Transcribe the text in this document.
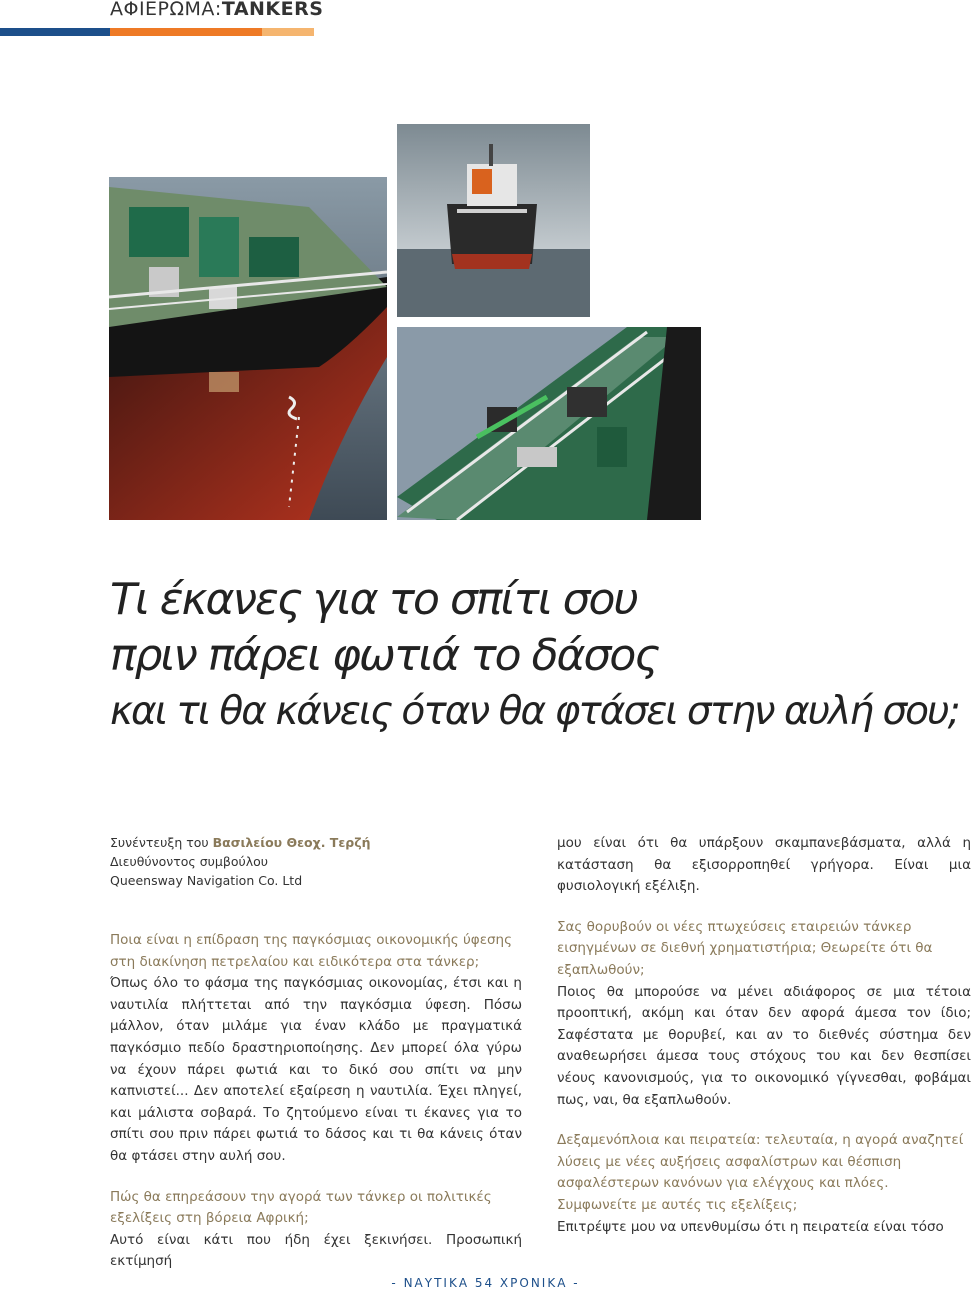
ΑΦΙΕΡΩΜΑ:TANKERS
Τι έκανες για το σπίτι σου
πριν πάρει φωτιά το δάσος
και τι θα κάνεις όταν θα φτάσει στην αυλή σου;
Συνέντευξη του Βασιλείου Θεοχ. Τερζή
Διευθύνοντος συμβούλου
Queensway Navigation Co. Ltd

Ποια είναι η επίδραση της παγκόσμιας οικονομικής ύφεσης στη διακίνηση πετρελαίου και ειδικότερα στα τάνκερ;

Όπως όλο το φάσμα της παγκόσμιας οικονομίας, έτσι και η ναυτιλία πλήττεται από την παγκόσμια ύφεση. Πόσω μάλλον, όταν μιλάμε για έναν κλάδο με πραγματικά παγκόσμιο πεδίο δραστηριοποίησης. Δεν μπορεί όλα γύρω να έχουν πάρει φωτιά και το δικό σου σπίτι να μην καπνιστεί... Δεν αποτελεί εξαίρεση η ναυτιλία. Έχει πληγεί, και μάλιστα σοβαρά. Το ζητούμενο είναι τι έκανες για το σπίτι σου πριν πάρει φωτιά το δάσος και τι θα κάνεις όταν θα φτάσει στην αυλή σου.

Πώς θα επηρεάσουν την αγορά των τάνκερ οι πολιτικές εξελίξεις στη βόρεια Αφρική;

Αυτό είναι κάτι που ήδη έχει ξεκινήσει. Προσωπική εκτίμησή

μου είναι ότι θα υπάρξουν σκαμπανεβάσματα, αλλά η κατάσταση θα εξισορροπηθεί γρήγορα. Είναι μια φυσιολογική εξέλιξη.

Σας θορυβούν οι νέες πτωχεύσεις εταιρειών τάνκερ εισηγμένων σε διεθνή χρηματιστήρια; Θεωρείτε ότι θα εξαπλωθούν;

Ποιος θα μπορούσε να μένει αδιάφορος σε μια τέτοια προοπτική, ακόμη και όταν δεν αφορά άμεσα τον ίδιο; Σαφέστατα με θορυβεί, και αν το διεθνές σύστημα δεν αναθεωρήσει άμεσα τους στόχους του και δεν θεσπίσει νέους κανονισμούς, για το οικονομικό γίγνεσθαι, φοβάμαι πως, ναι, θα εξαπλωθούν.

Δεξαμενόπλοια και πειρατεία: τελευταία, η αγορά αναζητεί λύσεις με νέες αυξήσεις ασφαλίστρων και θέσπιση ασφαλέστερων κανόνων για ελέγχους και πλόες. Συμφωνείτε με αυτές τις εξελίξεις;

Επιτρέψτε μου να υπενθυμίσω ότι η πειρατεία είναι τόσο

- ΝΑΥΤΙΚΑ 54 ΧΡΟΝΙΚΑ -
